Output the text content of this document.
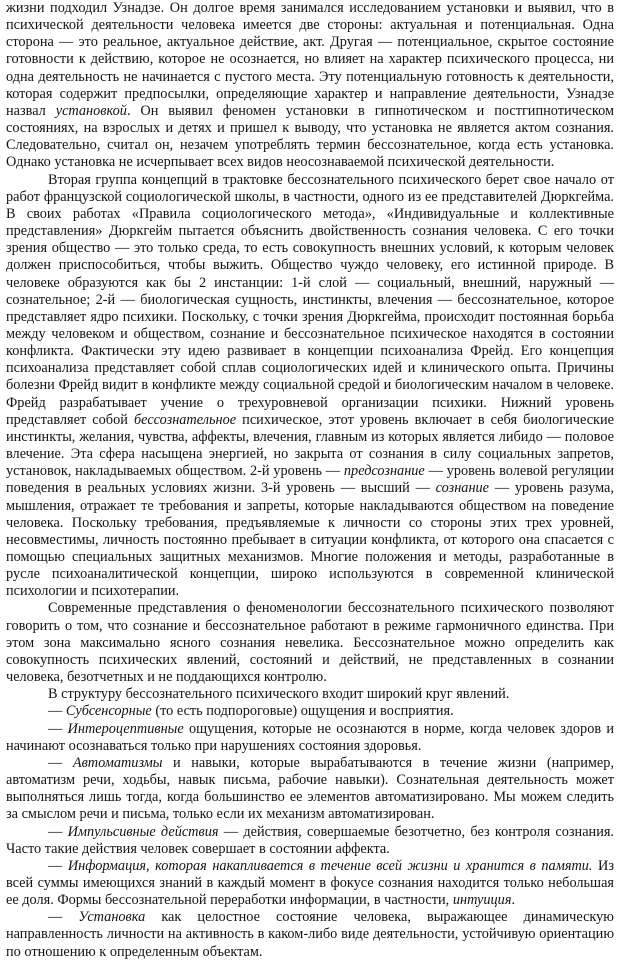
жизни подходил Узнадзе. Он долгое время занимался исследованием установки и выявил, что в психической деятельности человека имеется две стороны: актуальная и потенциальная. Одна сторона — это реальное, актуальное действие, акт. Другая — потенциальное, скрытое состояние готовности к действию, которое не осознается, но влияет на характер психического процесса, ни одна деятельность не начинается с пустого места. Эту потенциальную готовность к деятельности, которая содержит предпосылки, определяющие характер и направление деятельности, Узнадзе назвал установкой. Он выявил феномен установки в гипнотическом и постгипнотическом состояниях, на взрослых и детях и пришел к выводу, что установка не является актом сознания. Следовательно, считал он, незачем употреблять термин бессознательное, когда есть установка. Однако установка не исчерпывает всех видов неосознаваемой психической деятельности.

Вторая группа концепций в трактовке бессознательного психического берет свое начало от работ французской социологической школы, в частности, одного из ее представителей Дюркгейма. В своих работах «Правила социологического метода», «Индивидуальные и коллективные представления» Дюркгейм пытается объяснить двойственность сознания человека. С его точки зрения общество — это только среда, то есть совокупность внешних условий, к которым человек должен приспособиться, чтобы выжить. Общество чуждо человеку, его истинной природе. В человеке образуются как бы 2 инстанции: 1-й слой — социальный, внешний, наружный — сознательное; 2-й — биологическая сущность, инстинкты, влечения — бессознательное, которое представляет ядро психики. Поскольку, с точки зрения Дюркгейма, происходит постоянная борьба между человеком и обществом, сознание и бессознательное психическое находятся в состоянии конфликта. Фактически эту идею развивает в концепции психоанализа Фрейд. Его концепция психоанализа представляет собой сплав социологических идей и клинического опыта. Причины болезни Фрейд видит в конфликте между социальной средой и биологическим началом в человеке. Фрейд разрабатывает учение о трехуровневой организации психики. Нижний уровень представляет собой бессознательное психическое, этот уровень включает в себя биологические инстинкты, желания, чувства, аффекты, влечения, главным из которых является либидо — половое влечение. Эта сфера насыщена энергией, но закрыта от сознания в силу социальных запретов, установок, накладываемых обществом. 2-й уровень — предсознание — уровень волевой регуляции поведения в реальных условиях жизни. 3-й уровень — высший — сознание — уровень разума, мышления, отражает те требования и запреты, которые накладываются обществом на поведение человека. Поскольку требования, предъявляемые к личности со стороны этих трех уровней, несовместимы, личность постоянно пребывает в ситуации конфликта, от которого она спасается с помощью специальных защитных механизмов. Многие положения и методы, разработанные в русле психоаналитической концепции, широко используются в современной клинической психологии и психотерапии.

Современные представления о феноменологии бессознательного психического позволяют говорить о том, что сознание и бессознательное работают в режиме гармоничного единства. При этом зона максимально ясного сознания невелика. Бессознательное можно определить как совокупность психических явлений, состояний и действий, не представленных в сознании человека, безотчетных и не поддающихся контролю.

В структуру бессознательного психического входит широкий круг явлений.

— Субсенсорные (то есть подпороговые) ощущения и восприятия.

— Интероцептивные ощущения, которые не осознаются в норме, когда человек здоров и начинают осознаваться только при нарушениях состояния здоровья.

— Автоматизмы и навыки, которые вырабатываются в течение жизни (например, автоматизм речи, ходьбы, навык письма, рабочие навыки). Сознательная деятельность может выполняться лишь тогда, когда большинство ее элементов автоматизировано. Мы можем следить за смыслом речи и письма, только если их механизм автоматизирован.

— Импульсивные действия — действия, совершаемые безотчетно, без контроля сознания. Часто такие действия человек совершает в состоянии аффекта.

— Информация, которая накапливается в течение всей жизни и хранится в памяти. Из всей суммы имеющихся знаний в каждый момент в фокусе сознания находится только небольшая ее доля. Формы бессознательной переработки информации, в частности, интуиция.

— Установка как целостное состояние человека, выражающее динамическую направленность личности на активность в каком-либо виде деятельности, устойчивую ориентацию по отношению к определенным объектам.
